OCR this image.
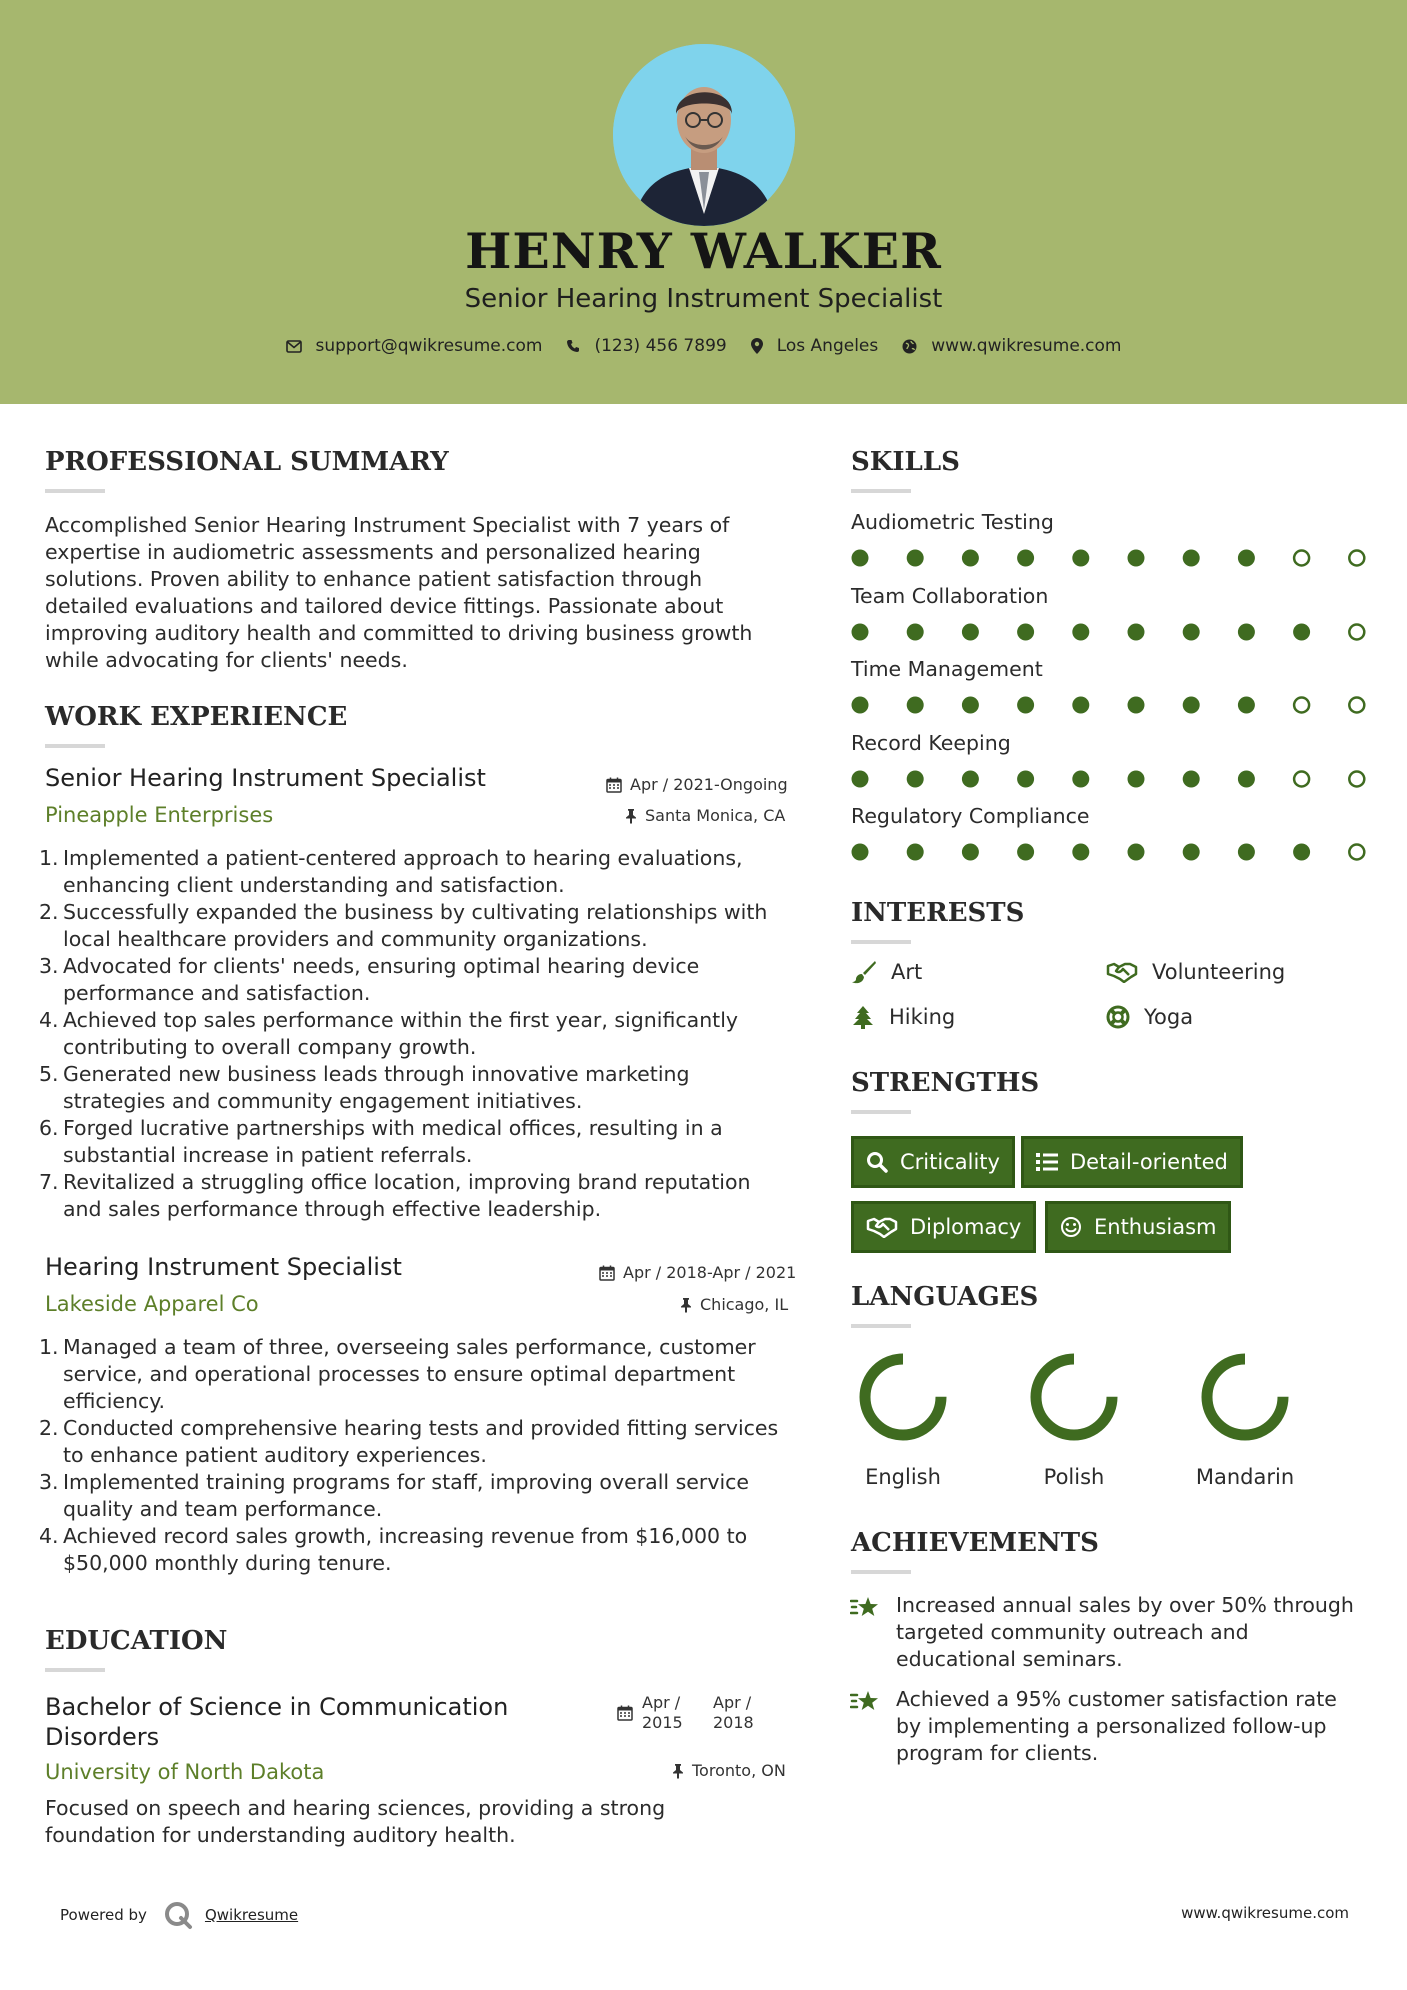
HENRY WALKER
Senior Hearing Instrument Specialist
support@qwikresume.com	(123) 456 7899	Los Angeles	www.qwikresume.com
PROFESSIONAL SUMMARY
Accomplished Senior Hearing Instrument Specialist with 7 years of expertise in audiometric assessments and personalized hearing solutions. Proven ability to enhance patient satisfaction through detailed evaluations and tailored device fittings. Passionate about improving auditory health and committed to driving business growth while advocating for clients' needs.
WORK EXPERIENCE
Senior Hearing Instrument Specialist
Pineapple Enterprises
Apr / 2021-Ongoing
Santa Monica, CA
1. Implemented a patient-centered approach to hearing evaluations, enhancing client understanding and satisfaction.
2. Successfully expanded the business by cultivating relationships with local healthcare providers and community organizations.
3. Advocated for clients' needs, ensuring optimal hearing device performance and satisfaction.
4. Achieved top sales performance within the first year, significantly contributing to overall company growth.
5. Generated new business leads through innovative marketing strategies and community engagement initiatives.
6. Forged lucrative partnerships with medical offices, resulting in a substantial increase in patient referrals.
7. Revitalized a struggling office location, improving brand reputation and sales performance through effective leadership.
Hearing Instrument Specialist
Lakeside Apparel Co
Apr / 2018-Apr / 2021
Chicago, IL
1. Managed a team of three, overseeing sales performance, customer service, and operational processes to ensure optimal department efficiency.
2. Conducted comprehensive hearing tests and provided fitting services to enhance patient auditory experiences.
3. Implemented training programs for staff, improving overall service quality and team performance.
4. Achieved record sales growth, increasing revenue from $16,000 to $50,000 monthly during tenure.
EDUCATION
Bachelor of Science in Communication
Disorders
University of North Dakota
Apr /
2015
Apr /
2018
Toronto, ON
Focused on speech and hearing sciences, providing a strong foundation for understanding auditory health.
SKILLS
Audiometric Testing
Team Collaboration
Time Management
Record Keeping
Regulatory Compliance
INTERESTS
Art	Volunteering
Hiking	Yoga
STRENGTHS
Criticality	Detail-oriented
Diplomacy	Enthusiasm
LANGUAGES
English	Polish	Mandarin
ACHIEVEMENTS
Increased annual sales by over 50% through targeted community outreach and educational seminars.
Achieved a 95% customer satisfaction rate by implementing a personalized follow-up program for clients.
Powered by	Qwikresume	www.qwikresume.com
